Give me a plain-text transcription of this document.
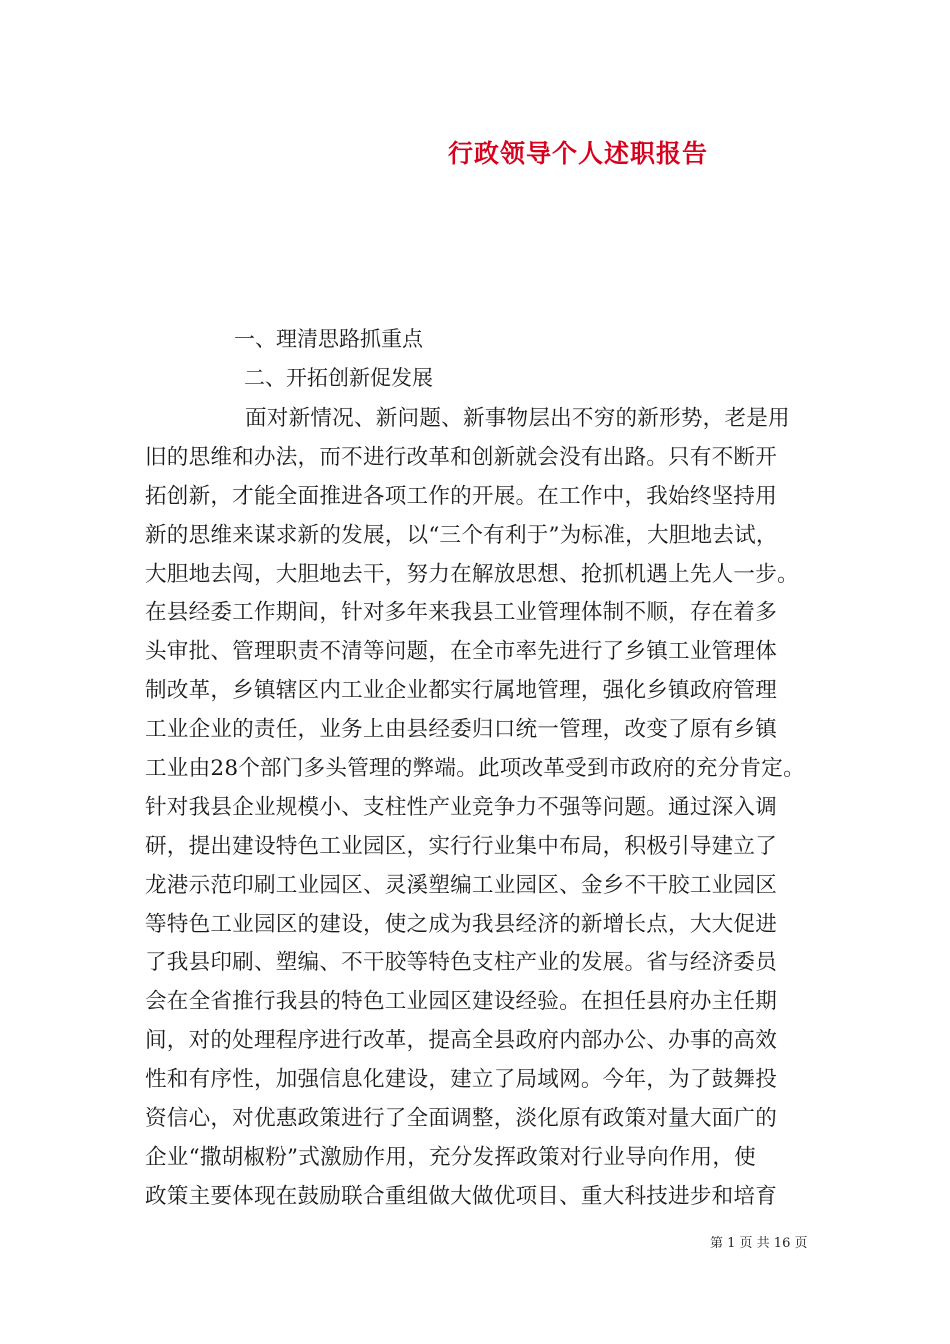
行政领导个人述职报告
一、理清思路抓重点
二、开拓创新促发展
面对新情况、新问题、新事物层出不穷的新形势，老是用
旧的思维和办法，而不进行改革和创新就会没有出路。只有不断开
拓创新，才能全面推进各项工作的开展。在工作中，我始终坚持用
新的思维来谋求新的发展，以“三个有利于”为标准，大胆地去试，
大胆地去闯，大胆地去干，努力在解放思想、抢抓机遇上先人一步。
在县经委工作期间，针对多年来我县工业管理体制不顺，存在着多
头审批、管理职责不清等问题，在全市率先进行了乡镇工业管理体
制改革，乡镇辖区内工业企业都实行属地管理，强化乡镇政府管理
工业企业的责任，业务上由县经委归口统一管理，改变了原有乡镇
工业由28个部门多头管理的弊端。此项改革受到市政府的充分肯定。
针对我县企业规模小、支柱性产业竞争力不强等问题。通过深入调
研，提出建设特色工业园区，实行行业集中布局，积极引导建立了
龙港示范印刷工业园区、灵溪塑编工业园区、金乡不干胶工业园区
等特色工业园区的建设，使之成为我县经济的新增长点，大大促进
了我县印刷、塑编、不干胶等特色支柱产业的发展。省与经济委员
会在全省推行我县的特色工业园区建设经验。在担任县府办主任期
间，对的处理程序进行改革，提高全县政府内部办公、办事的高效
性和有序性，加强信息化建设，建立了局域网。今年，为了鼓舞投
资信心，对优惠政策进行了全面调整，淡化原有政策对量大面广的
企业“撒胡椒粉”式激励作用，充分发挥政策对行业导向作用，使
政策主要体现在鼓励联合重组做大做优项目、重大科技进步和培育
第 1 页 共 16 页
